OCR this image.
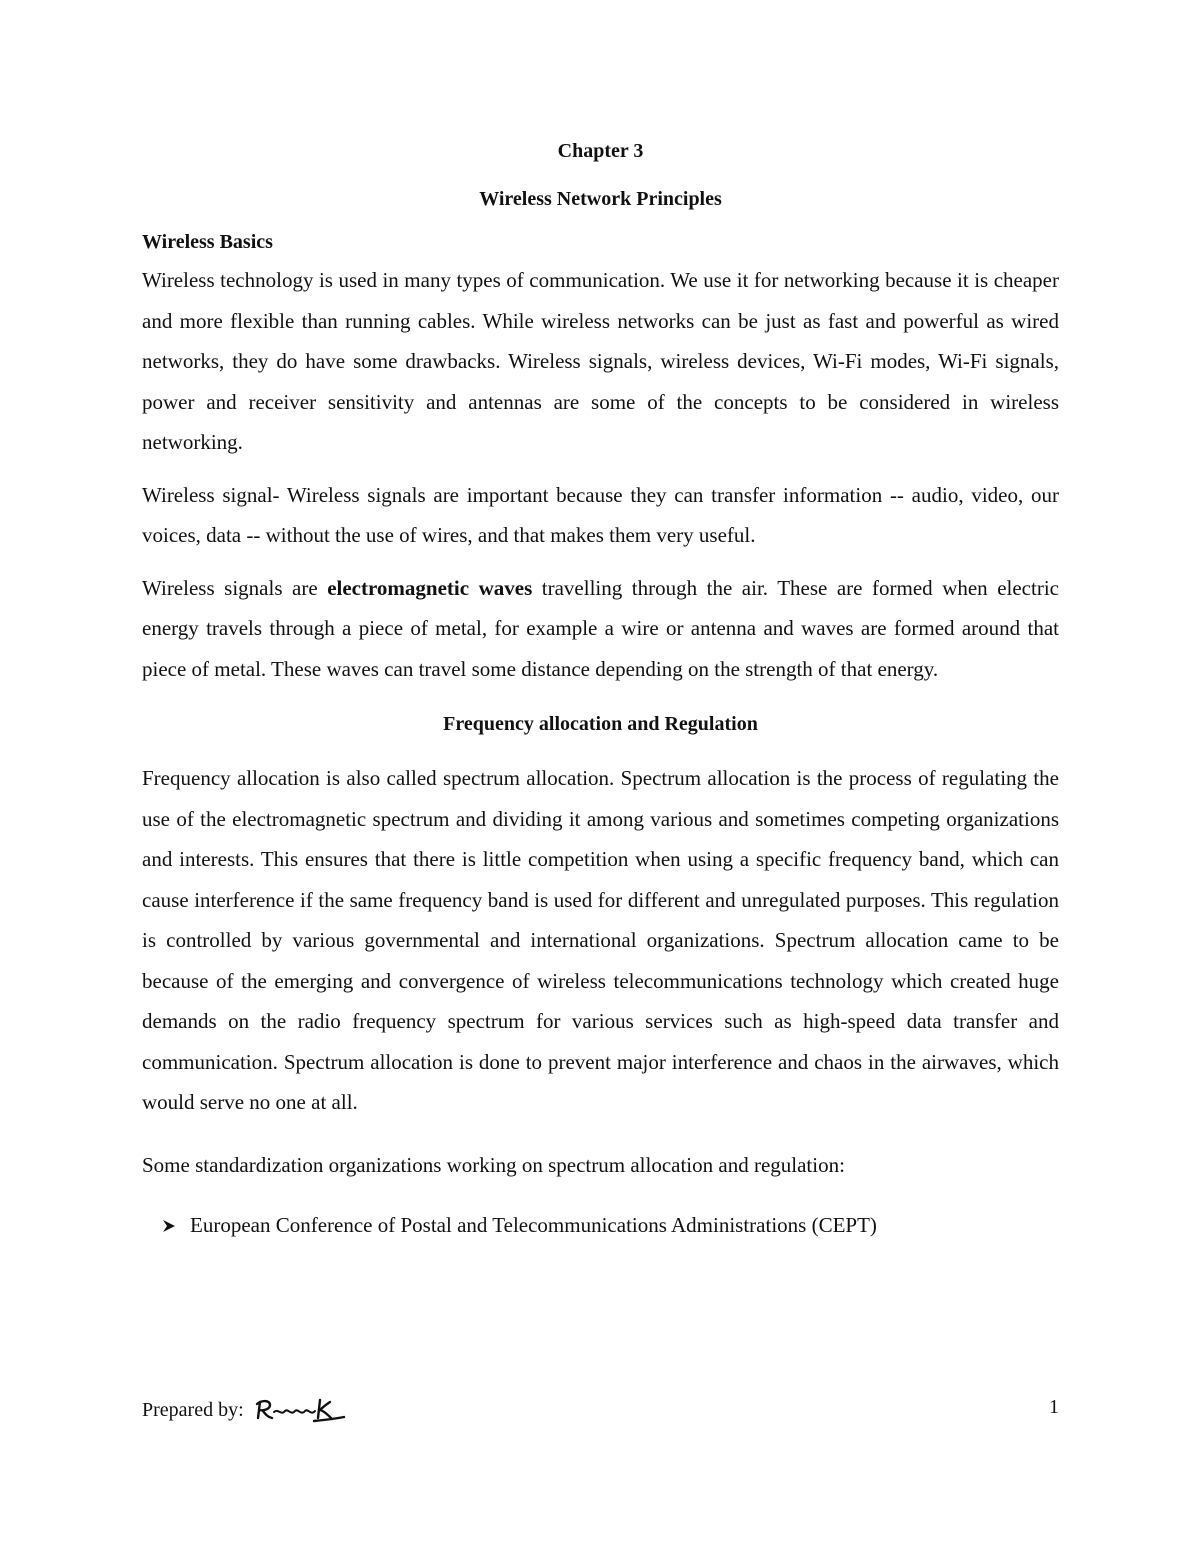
Chapter 3

Wireless Network Principles

Wireless Basics

Wireless technology is used in many types of communication. We use it for networking because it is cheaper and more flexible than running cables. While wireless networks can be just as fast and powerful as wired networks, they do have some drawbacks. Wireless signals, wireless devices, Wi-Fi modes, Wi-Fi signals, power and receiver sensitivity and antennas are some of the concepts to be considered in wireless networking.

Wireless signal- Wireless signals are important because they can transfer information -- audio, video, our voices, data -- without the use of wires, and that makes them very useful.

Wireless signals are electromagnetic waves travelling through the air. These are formed when electric energy travels through a piece of metal, for example a wire or antenna and waves are formed around that piece of metal. These waves can travel some distance depending on the strength of that energy.

Frequency allocation and Regulation

Frequency allocation is also called spectrum allocation. Spectrum allocation is the process of regulating the use of the electromagnetic spectrum and dividing it among various and sometimes competing organizations and interests. This ensures that there is little competition when using a specific frequency band, which can cause interference if the same frequency band is used for different and unregulated purposes. This regulation is controlled by various governmental and international organizations. Spectrum allocation came to be because of the emerging and convergence of wireless telecommunications technology which created huge demands on the radio frequency spectrum for various services such as high-speed data transfer and communication. Spectrum allocation is done to prevent major interference and chaos in the airwaves, which would serve no one at all.

Some standardization organizations working on spectrum allocation and regulation:

European Conference of Postal and Telecommunications Administrations (CEPT)
Prepared by:	1
